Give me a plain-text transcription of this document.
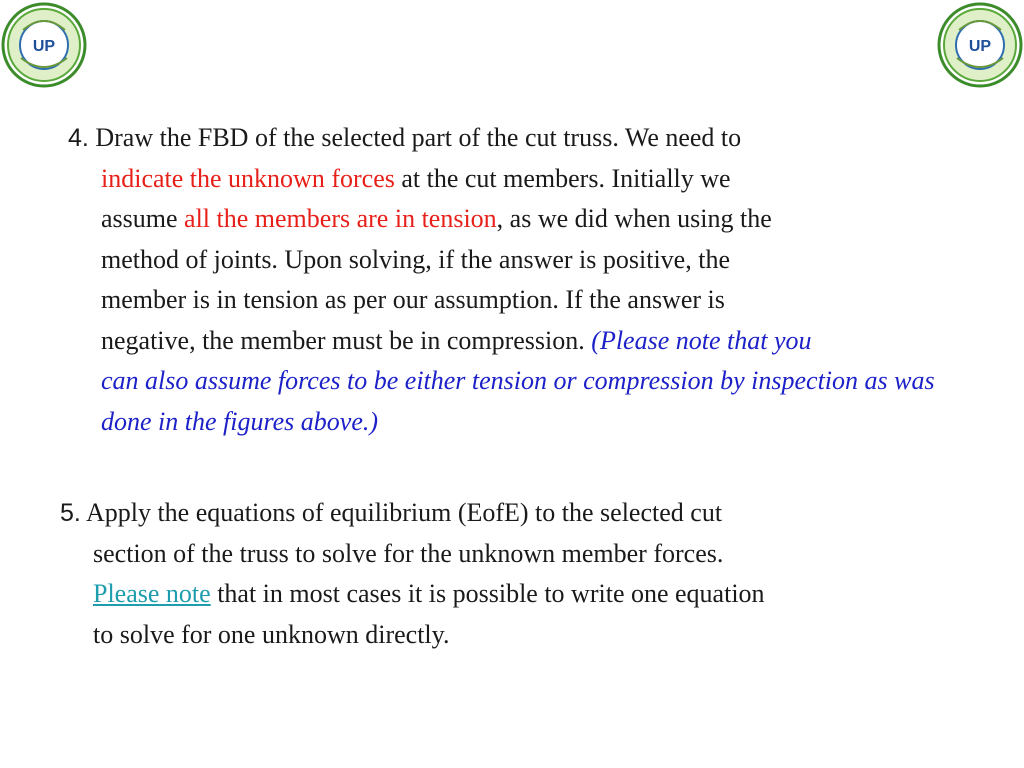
UP	UP
4. Draw the FBD of the selected part of the cut truss. We need to
indicate the unknown forces at the cut members. Initially we
assume all the members are in tension, as we did when using the
method of joints. Upon solving, if the answer is positive, the
member is in tension as per our assumption. If the answer is
negative, the member must be in compression. (Please note that you
can also assume forces to be either tension or compression by inspection as was
done in the figures above.)
5. Apply the equations of equilibrium (EofE) to the selected cut
section of the truss to solve for the unknown member forces.
Please note that in most cases it is possible to write one equation
to solve for one unknown directly.
